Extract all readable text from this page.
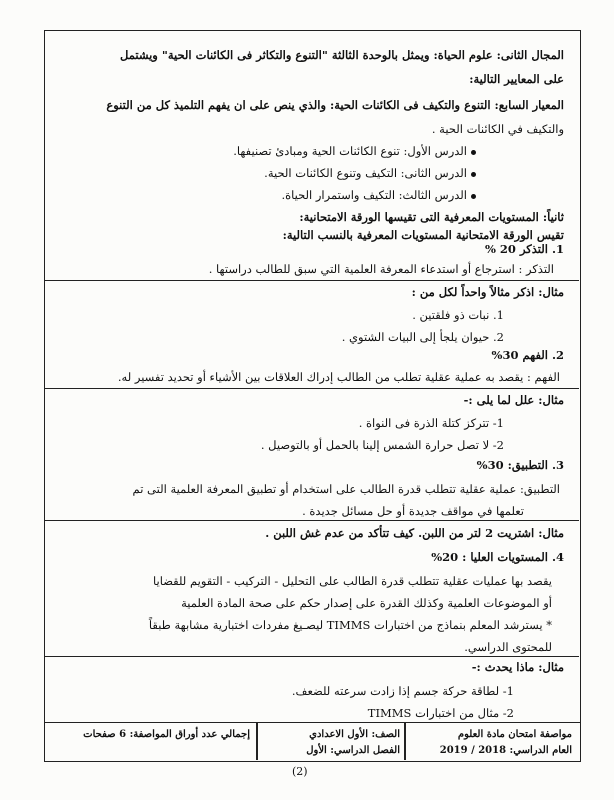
المجال الثانى: علوم الحياة: ويمثل بالوحدة الثالثة "التنوع والتكاثر فى الكائنات الحية" ويشتمل
على المعايير التالية:
المعيار السابع: التنوع والتكيف فى الكائنات الحية: والذي ينص على ان يفهم التلميذ كل من التنوع
والتكيف في الكائنات الحية .
الدرس الأول: تنوع الكائنات الحية ومبادئ تصنيفها.
الدرس الثانى: التكيف وتنوع الكائنات الحية.
الدرس الثالث: التكيف واستمرار الحياة.
ثانياً: المستويات المعرفية التى تقيسها الورقة الامتحانية:
تقيس الورقة الامتحانية المستويات المعرفية بالنسب التالية:
1. التذكر 20 %
التذكر : استرجاع أو استدعاء المعرفة العلمية التي سبق للطالب دراستها .
مثال: اذكر مثالاً واحداً لكل من :
1. نبات ذو فلقتين .
2. حيوان يلجأ إلى البيات الشتوي .
2. الفهم 30%
الفهم : يقصد به عملية عقلية تطلب من الطالب إدراك العلاقات بين الأشياء أو تحديد تفسير له.
مثال: علل لما يلى :-
1- تتركز كتلة الذرة فى النواة .
2- لا تصل حرارة الشمس إلينا بالحمل أو بالتوصيل .
3. التطبيق: 30%
التطبيق: عملية عقلية تتطلب قدرة الطالب على استخدام أو تطبيق المعرفة العلمية التى تم
تعلمها في مواقف جديدة أو حل مسائل جديدة .
مثال: اشتريت 2 لتر من اللبن. كيف تتأكد من عدم غش اللبن .
4. المستويات العليا : 20%
يقصد بها عمليات عقلية تتطلب قدرة الطالب على التحليل - التركيب - التقويم للقضايا
أو الموضوعات العلمية وكذلك القدرة على إصدار حكم على صحة المادة العلمية
* يسترشد المعلم بنماذج من اختبارات TIMMS ليصـيغ مفردات اختبارية مشابهة طبقاً
للمحتوى الدراسي.
مثال: ماذا يحدث :-
1- لطاقة حركة جسم إذا زادت سرعته للضعف.
2- مثال من اختبارات TIMMS
مواصفة امتحان مادة العلوم
العام الدراسي: 2018 / 2019
الصف: الأول الاعدادي
الفصل الدراسي: الأول
إجمالي عدد أوراق المواصفة: 6 صفحات
(2)
